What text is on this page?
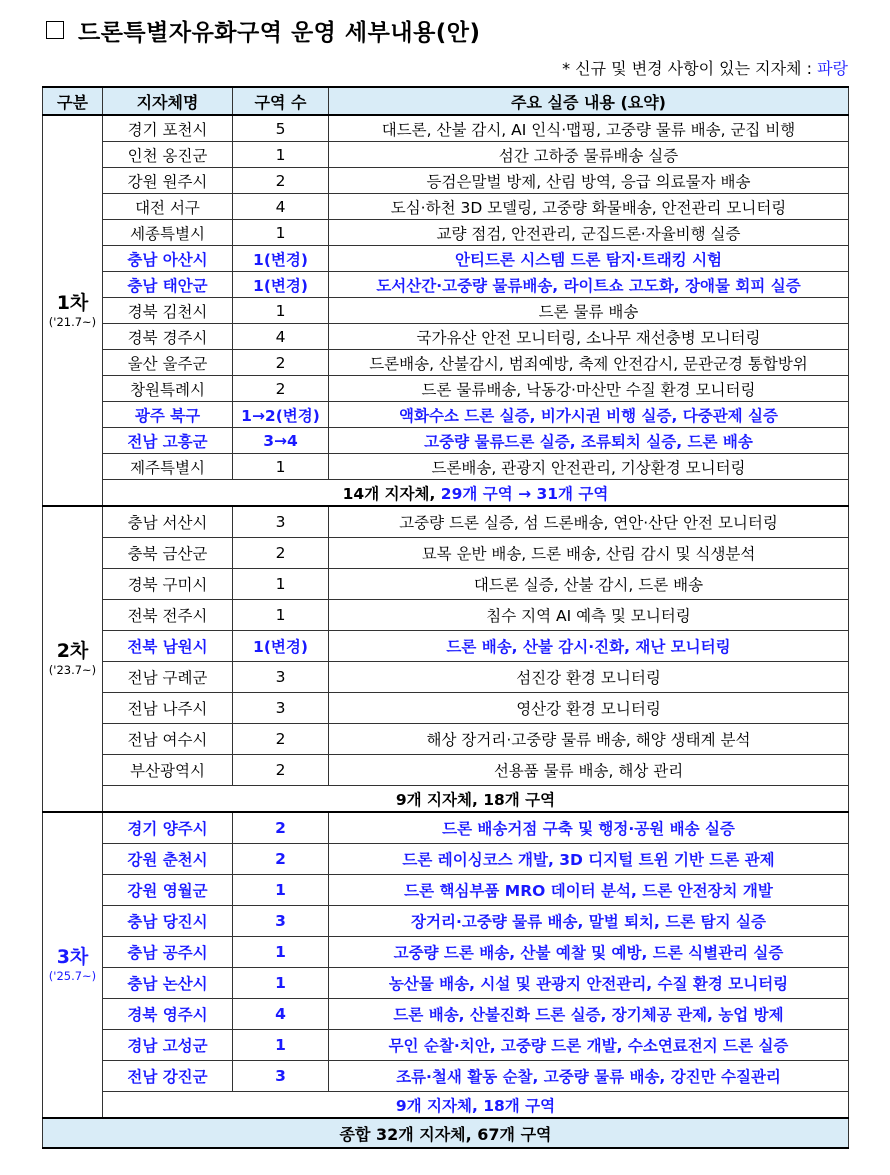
드론특별자유화구역 운영 세부내용(안)
* 신규 및 변경 사항이 있는 지자체 : 파랑
구분	지자체명	구역 수	주요 실증 내용 (요약)

1차
('21.7~)	경기 포천시	5	대드론, 산불 감시, AI 인식·맵핑, 고중량 물류 배송, 군집 비행
	인천 옹진군	1	섬간 고하중 물류배송 실증
	강원 원주시	2	등검은말벌 방제, 산림 방역, 응급 의료물자 배송
	대전 서구	4	도심·하천 3D 모델링, 고중량 화물배송, 안전관리 모니터링
	세종특별시	1	교량 점검, 안전관리, 군집드론·자율비행 실증
	충남 아산시	1(변경)	안티드론 시스템 드론 탐지·트래킹 시험
	충남 태안군	1(변경)	도서산간·고중량 물류배송, 라이트쇼 고도화, 장애물 회피 실증
	경북 김천시	1	드론 물류 배송
	경북 경주시	4	국가유산 안전 모니터링, 소나무 재선충병 모니터링
	울산 울주군	2	드론배송, 산불감시, 범죄예방, 축제 안전감시, 문관군경 통합방위
	창원특례시	2	드론 물류배송, 낙동강·마산만 수질 환경 모니터링
	광주 북구	1→2(변경)	액화수소 드론 실증, 비가시권 비행 실증, 다중관제 실증
	전남 고흥군	3→4	고중량 물류드론 실증, 조류퇴치 실증, 드론 배송
	제주특별시	1	드론배송, 관광지 안전관리, 기상환경 모니터링
	14개 지자체, 29개 구역 → 31개 구역		

2차
('23.7~)	충남 서산시	3	고중량 드론 실증, 섬 드론배송, 연안·산단 안전 모니터링
	충북 금산군	2	묘목 운반 배송, 드론 배송, 산림 감시 및 식생분석
	경북 구미시	1	대드론 실증, 산불 감시, 드론 배송
	전북 전주시	1	침수 지역 AI 예측 및 모니터링
	전북 남원시	1(변경)	드론 배송, 산불 감시·진화, 재난 모니터링
	전남 구례군	3	섬진강 환경 모니터링
	전남 나주시	3	영산강 환경 모니터링
	전남 여수시	2	해상 장거리·고중량 물류 배송, 해양 생태계 분석
	부산광역시	2	선용품 물류 배송, 해상 관리
	9개 지자체, 18개 구역		

3차
('25.7~)	경기 양주시	2	드론 배송거점 구축 및 행정·공원 배송 실증
	강원 춘천시	2	드론 레이싱코스 개발, 3D 디지털 트윈 기반 드론 관제
	강원 영월군	1	드론 핵심부품 MRO 데이터 분석, 드론 안전장치 개발
	충남 당진시	3	장거리·고중량 물류 배송, 말벌 퇴치, 드론 탐지 실증
	충남 공주시	1	고중량 드론 배송, 산불 예찰 및 예방, 드론 식별관리 실증
	충남 논산시	1	농산물 배송, 시설 및 관광지 안전관리, 수질 환경 모니터링
	경북 영주시	4	드론 배송, 산불진화 드론 실증, 장기체공 관제, 농업 방제
	경남 고성군	1	무인 순찰·치안, 고중량 드론 개발, 수소연료전지 드론 실증
	전남 강진군	3	조류·철새 활동 순찰, 고중량 물류 배송, 강진만 수질관리
	9개 지자체, 18개 구역		
종합 32개 지자체, 67개 구역			
